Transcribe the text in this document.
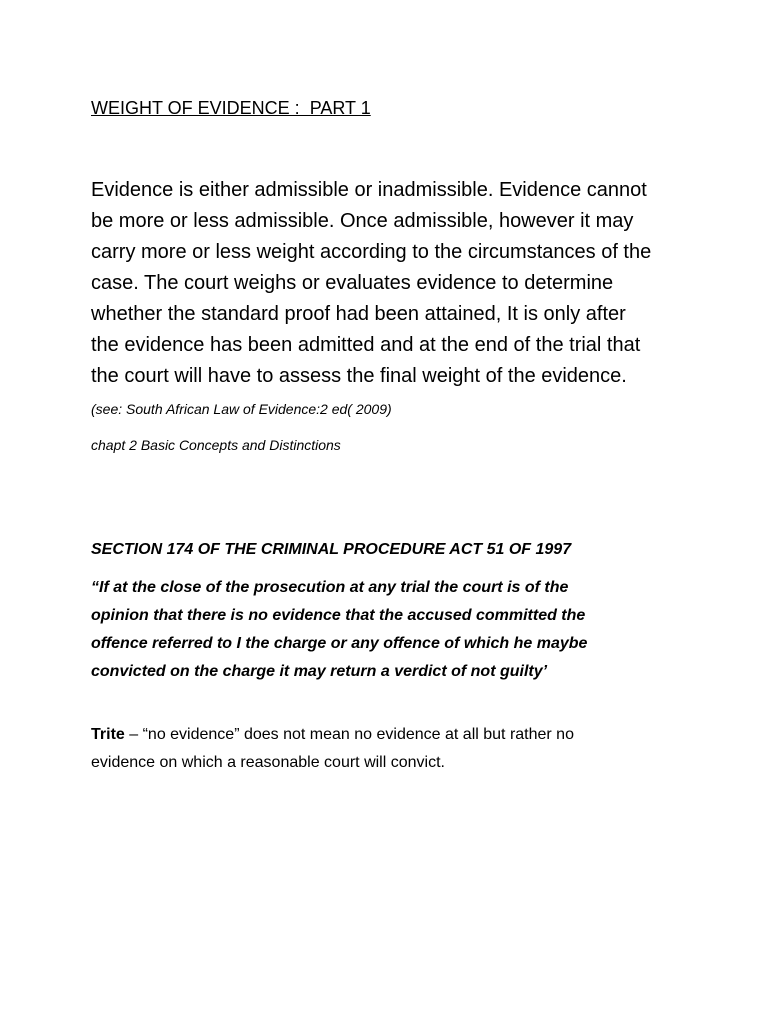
WEIGHT OF EVIDENCE :  PART 1
Evidence is either admissible or inadmissible. Evidence cannot
be more or less admissible. Once admissible, however it may
carry more or less weight according to the circumstances of the
case. The court weighs or evaluates evidence to determine
whether the standard proof had been attained, It is only after
the evidence has been admitted and at the end of the trial that
the court will have to assess the final weight of the evidence.
(see: South African Law of Evidence:2 ed( 2009)
chapt 2 Basic Concepts and Distinctions
SECTION 174 OF THE CRIMINAL PROCEDURE ACT 51 OF 1997
“If at the close of the prosecution at any trial the court is of the
opinion that there is no evidence that the accused committed the
offence referred to I the charge or any offence of which he maybe
convicted on the charge it may return a verdict of not guilty’
Trite – “no evidence” does not mean no evidence at all but rather no
evidence on which a reasonable court will convict.
